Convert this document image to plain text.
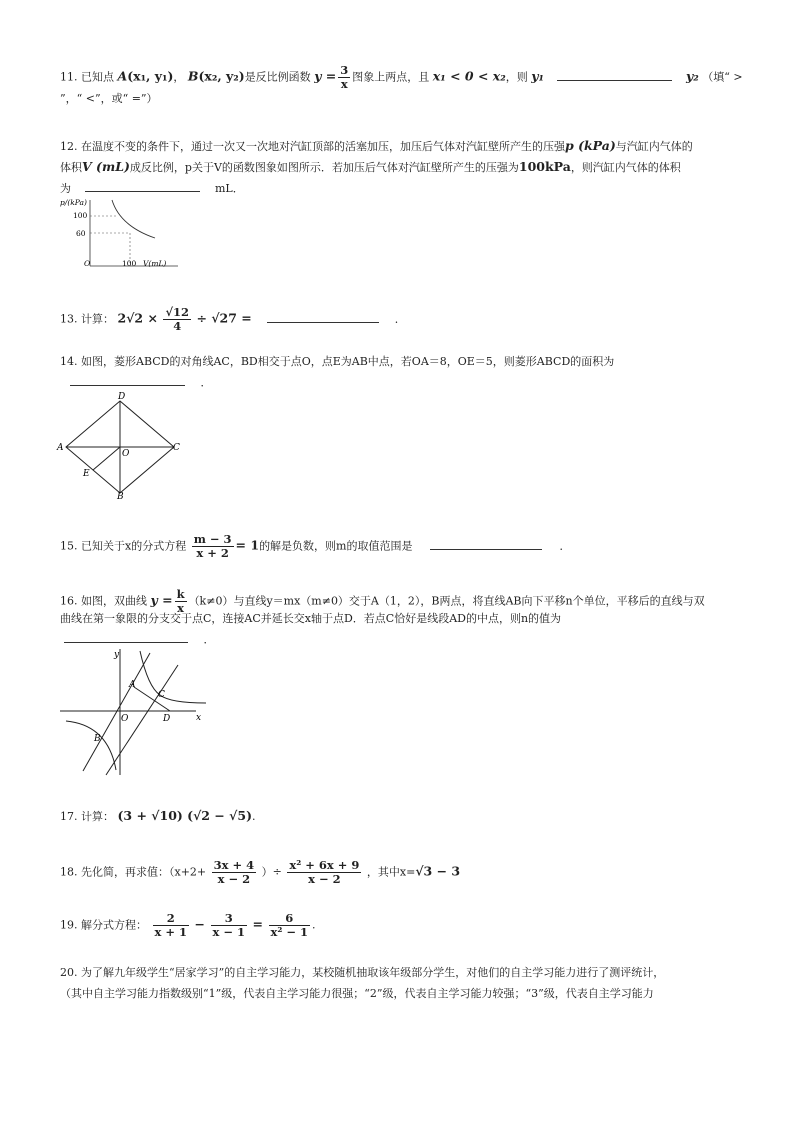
11. 已知点 A(x₁, y₁)， B(x₂, y₂)是反比例函数 $y = \frac{3}{x}$ 图象上两点，且 x₁ < 0 < x₂，则 y₁	y₂ （填“ >
”，“ <”，或“ =”）
12. 在温度不变的条件下，通过一次又一次地对汽缸顶部的活塞加压，加压后气体对汽缸壁所产生的压强p (kPa)与汽缸内气体的
体积V (mL)成反比例，p关于V的函数图象如图所示．若加压后气体对汽缸壁所产生的压强为100kPa，则汽缸内气体的体积
为	mL．
p/(kPa)
100
60
O	100 V(mL)
13. 计算： $2√2 \times \frac{√12}{4} \div √27$ =	．
14. 如图，菱形ABCD的对角线AC，BD相交于点O，点E为AB中点，若OA＝8，OE＝5，则菱形ABCD的面积为
．
D
A	C
B
O
E
15. 已知关于x的分式方程 $\frac{m - 3}{x + 2} = 1$的解是负数，则m的取值范围是	．
16. 如图，双曲线 $y = \frac{k}{x} (k\ne 0)$与直线y＝mx（m≠0）交于A（1，2），B两点，将直线AB向下平移n个单位，平移后的直线与双
曲线在第一象限的分支交于点C，连接AC并延长交x轴于点D．若点C恰好是线段AD的中点，则n的值为
．
y
x
A
C
D
O
B
17. 计算： (3 + √10) (√2 − √5).
18. 先化简，再求值：（$x+2+ \frac{3x + 4}{x - 2}$ ）÷ $\frac{\text{x² + 6x + 9}}{x - 2}$ ，其中x=√3 − 3
19. 解分式方程： $\frac{2}{x + 1} - \frac{3}{x - 1} = \frac{6}{\text{x² − 1}}$ .
20. 为了解九年级学生“居家学习”的自主学习能力，某校随机抽取该年级部分学生，对他们的自主学习能力进行了测评统计，
（其中自主学习能力指数级别“1”级，代表自主学习能力很强；“2”级，代表自主学习能力较强；“3”级，代表自主学习能力
